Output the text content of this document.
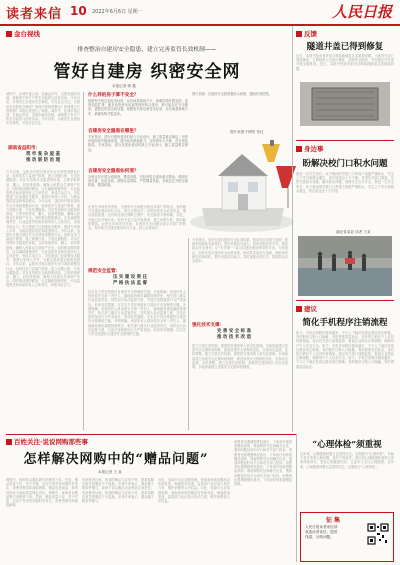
读者来信 10 2022年6月6日 星期一	人民日报
金台视线
排查整治自建房安全隐患，建立完善监管长效机制——
管好自建房 织密安全网
本报记者 韩 鑫
城市中，在城乡接合部，在偏远乡村，自建房遍布各地，承载着千家万户的生活起居与经营活动。今年以来，多地发生自建房安全事故，引发社会关注。自建房安全隐患在哪里？如何开展排查整治？如何建立长效机制？本报记者进行了调查。城市中，在城乡接合部，在偏远乡村，自建房遍布各地，承载着千家万户的生活起居与经营活动。今年以来，多地发生自建房安全事故，引发社会关注。
湖南省益阳市：
筑 牢 复 杂 屋 基
推 动 联 防 治 理
今年以来，益阳市开展自建房安全专项排查整治行动，组织技术力量逐户排查，建立问题台账，分类处置隐患。对存在结构安全隐患的房屋，立即采取停用、撤人、封房等措施，确保人民群众生命财产安全。同时推动联防联治，压实属地管理责任、行业监管责任和房屋所有人主体责任，形成共治合力。市住建部门还加强技术服务，邀请专家深入乡村，为群众提供鉴定和改造建议。今年以来，益阳市开展自建房安全专项排查整治行动，组织技术力量逐户排查，建立问题台账，分类处置隐患。对存在结构安全隐患的房屋，立即采取停用、撤人、封房等措施，确保人民群众生命财产安全。同时推动联防联治，压实属地管理责任、行业监管责任和房屋所有人主体责任，形成共治合力。市住建部门还加强技术服务，邀请专家深入乡村，为群众提供鉴定和改造建议。今年以来，益阳市开展自建房安全专项排查整治行动，组织技术力量逐户排查，建立问题台账，分类处置隐患。对存在结构安全隐患的房屋，立即采取停用、撤人、封房等措施，确保人民群众生命财产安全。同时推动联防联治，压实属地管理责任、行业监管责任和房屋所有人主体责任，形成共治合力。市住建部门还加强技术服务，邀请专家深入乡村，为群众提供鉴定和改造建议。今年以来，益阳市开展自建房安全专项排查整治行动，组织技术力量逐户排查，建立问题台账，分类处置隐患。对存在结构安全隐患的房屋，立即采取停用、撤人、封房等措施，确保人民群众生命财产安全。同时推动联防联治，压实属地管理责任、行业监管责任和房屋所有人主体责任，形成共治合力。
什么样的房子算不安全？
根据有关规定和技术标准，存在地基基础不牢、承重结构开裂变形、违规加层扩建、擅自改变使用用途等情形的自建房，都可能存在安全隐患，需要及时鉴定和处置。根据有关规定和技术标准，存在地基基础不牢、承重结构开裂变形。
自建房安全隐患在哪里？
专家指出，部分自建房建设时缺乏专业设计，施工质量难以保证；有的房屋经营中随意改造，超出原有承载能力；还有的年久失修，存在老化隐患。专家指出，部分自建房建设时缺乏专业设计，施工质量难以保证。
自建房安全隐患如何清？
各地正在开展全面排查，摸清底数，对经营性自建房重点整治，做到应查尽查、应改尽改，消除存量风险，严控增量风险。各地正在开展全面排查，摸清底数。
图片来源：自建房安全排查整治示意图，漫画作者供图。
图片来源于网络 李红
记者在多地采访发现，自建房安全问题呈现点多面广的特点。有的地方自建房建设年代久远，缺乏正规设计；有的经营者为追求效益，擅自加层改建；还有的房屋长期缺乏维护，安全隐患不断积累。对此，多地已经开始行动，组织专业力量开展排查，建立问题台账，推动隐患整改。记者在多地采访发现，自建房安全问题呈现点多面广的特点。有的地方自建房建设年代久远，缺乏正规设计。
规范安全监管：
压 实 建 设 责 任
严 格 执 法 监 督
压实各方责任是做好自建房安全管理的关键。多地明确，房屋所有人是房屋安全第一责任人，属地政府承担属地管理责任，相关部门落实行业监管责任。同时加大执法监督力度，对违法违规建设行为严肃查处，形成有效震慑。压实各方责任是做好自建房安全管理的关键。多地明确，房屋所有人是房屋安全第一责任人，属地政府承担属地管理责任，相关部门落实行业监管责任。同时加大执法监督力度，对违法违规建设行为严肃查处，形成有效震慑。压实各方责任是做好自建房安全管理的关键。多地明确，房屋所有人是房屋安全第一责任人，属地政府承担属地管理责任，相关部门落实行业监管责任。同时加大执法监督力度，对违法违规建设行为严肃查处，形成有效震慑。压实各方责任是做好自建房安全管理的关键。
专家建议，加快完善自建房安全标准体系，推动技术改造与加固，鼓励采用新技术新材料，提升房屋抗灾能力。同时加强宣传引导，提高群众安全意识，让“安全第一”成为自建房建设使用的共识。专家建议，加快完善自建房安全标准体系，推动技术改造与加固，鼓励采用新技术新材料，提升房屋抗灾能力。同时加强宣传引导，提高群众安全意识。
强化技术支撑：
完 善 安 全 标 准
推 动 技 术 改 造
建立完善长效机制，需要把自建房纳入常态化管理。多地探索建立房屋安全定期体检制度，推进房屋安全管理信息化，实现动态监测、及时预警。建立完善长效机制，需要把自建房纳入常态化管理。多地探索建立房屋安全定期体检制度，推进房屋安全管理信息化，实现动态监测、及时预警。建立完善长效机制，需要把自建房纳入常态化管理。多地探索建立房屋安全定期体检制度。
反馈
隧道井盖已得到修复
近日，本报刊发读者来信反映某地隧道井盖破损问题。当地有关部门高度重视，立即组织人员进行修复，消除安全隐患，并对辖区内井盖开展全面排查。近日，本报刊发读者来信反映某地隧道井盖破损问题。
身边事
盼解决校门口积水问题
我是一名学生家长，孩子就读的学校门口每逢下雨便严重积水，学生上下学只能蹚水通过，家长接送也十分不便。希望有关部门重视，尽快完善排水设施，解决积水问题，保障学生出行安全。我是一名学生家长，孩子就读的学校门口每逢下雨便严重积水，学生上下学只能蹚水通过，家长接送也十分不便。
湖北省某县 读者 王某
建议
简化手机程序注销流程
如今，手机应用程序越来越多，不少人下载后发现注册容易注销难。有的程序注销入口隐蔽，有的需要层层验证，还有的注销后个人信息仍被保留。建议有关部门加强监管，督促企业简化注销流程，保障用户个人信息安全。如今，手机应用程序越来越多，不少人下载后发现注册容易注销难。有的程序注销入口隐蔽，有的需要层层验证，还有的注销后个人信息仍被保留。建议有关部门加强监管，督促企业简化注销流程，保障用户个人信息安全。如今，手机应用程序越来越多，不少人下载后发现注册容易注销难。有的程序注销入口隐蔽，有的需要层层验证。
百姓关注·说说网购那些事
怎样解决网购中的“赠品问题”
本报记者 王 某
网购中，商家常以赠品吸引消费者下单。然而，赠品质量不佳、货不对板、迟迟不发货等问题时有发生，消费者维权却面临困难。赠品也是商品，商家同样应当承担质量保证责任。网购中，商家常以赠品吸引消费者下单。然而，赠品质量不佳、货不对板、迟迟不发货等问题时有发生，消费者维权却面临困难。
有消费者反映，收到的赠品与宣传不符，联系客服后被告知赠品不予退换。法律专家表示，赠品属于附条件赠与，商家不得以赠品为由免除自身责任。有消费者反映，收到的赠品与宣传不符，联系客服后被告知赠品不予退换。法律专家表示，赠品属于附条件赠与。
对此，电商平台应加强管理，督促商家规范赠品宣传和发放，畅通投诉渠道。监管部门也应加大执法力度，维护消费者合法权益。对此，电商平台应加强管理，督促商家规范赠品宣传和发放，畅通投诉渠道。监管部门也应加大执法力度，维护消费者合法权益。
消费者也要增强维权意识，下单前仔细查看赠品说明，保留购物凭证和聊天记录，遇到问题及时向平台和有关部门投诉。消费者也要增强维权意识，下单前仔细查看赠品说明，保留购物凭证和聊天记录，遇到问题及时向平台和有关部门投诉。消费者也要增强维权意识，下单前仔细查看赠品说明，保留购物凭证和聊天记录，遇到问题及时向平台和有关部门投诉。消费者也要增强维权意识，下单前仔细查看赠品说明。
“心理体检”须重视
近年来，心理健康问题日益受到关注。定期进行“心理体检”，有助于及早发现心理问题，及时干预疏导。建议将心理健康检查纳入常规体检项目，普及心理健康知识，让更多人关注心理健康。近年来，心理健康问题日益受到关注。定期进行“心理体检”。
征 集
人民日报读者来信部
欢迎读者来信，提供
线索，反映问题。
